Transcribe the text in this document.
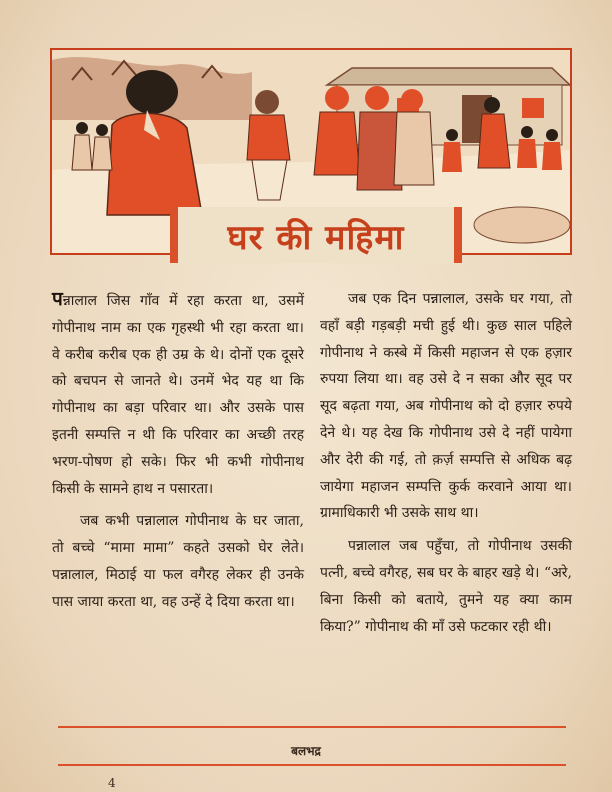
CHITRA	घर की महिमा

पन्नालाल जिस गाँव में रहा करता था, उसमें गोपीनाथ नाम का एक गृहस्थी भी रहा करता था। वे करीब करीब एक ही उम्र के थे। दोनों एक दूसरे को बचपन से जानते थे। उनमें भेद यह था कि गोपीनाथ का बड़ा परिवार था। और उसके पास इतनी सम्पत्ति न थी कि परिवार का अच्छी तरह भरण-पोषण हो सके। फिर भी कभी गोपीनाथ किसी के सामने हाथ न पसारता।

जब कभी पन्नालाल गोपीनाथ के घर जाता, तो बच्चे “मामा मामा” कहते उसको घेर लेते। पन्नालाल, मिठाई या फल वगैरह लेकर ही उनके पास जाया करता था, वह उन्हें दे दिया करता था।

जब एक दिन पन्नालाल, उसके घर गया, तो वहाँ बड़ी गड़बड़ी मची हुई थी। कुछ साल पहिले गोपीनाथ ने कस्बे में किसी महाजन से एक हज़ार रुपया लिया था। वह उसे दे न सका और सूद पर सूद बढ़ता गया, अब गोपीनाथ को दो हज़ार रुपये देने थे। यह देख कि गोपीनाथ उसे दे नहीं पायेगा और देरी की गई, तो क़र्ज़ सम्पत्ति से अधिक बढ़ जायेगा महाजन सम्पत्ति कुर्क करवाने आया था। ग्रामाधिकारी भी उसके साथ था।

पन्नालाल जब पहुँचा, तो गोपीनाथ उसकी पत्नी, बच्चे वगैरह, सब घर के बाहर खड़े थे। “अरे, बिना किसी को बताये, तुमने यह क्या काम किया?” गोपीनाथ की माँ उसे फटकार रही थी।

बलभद्र
4
